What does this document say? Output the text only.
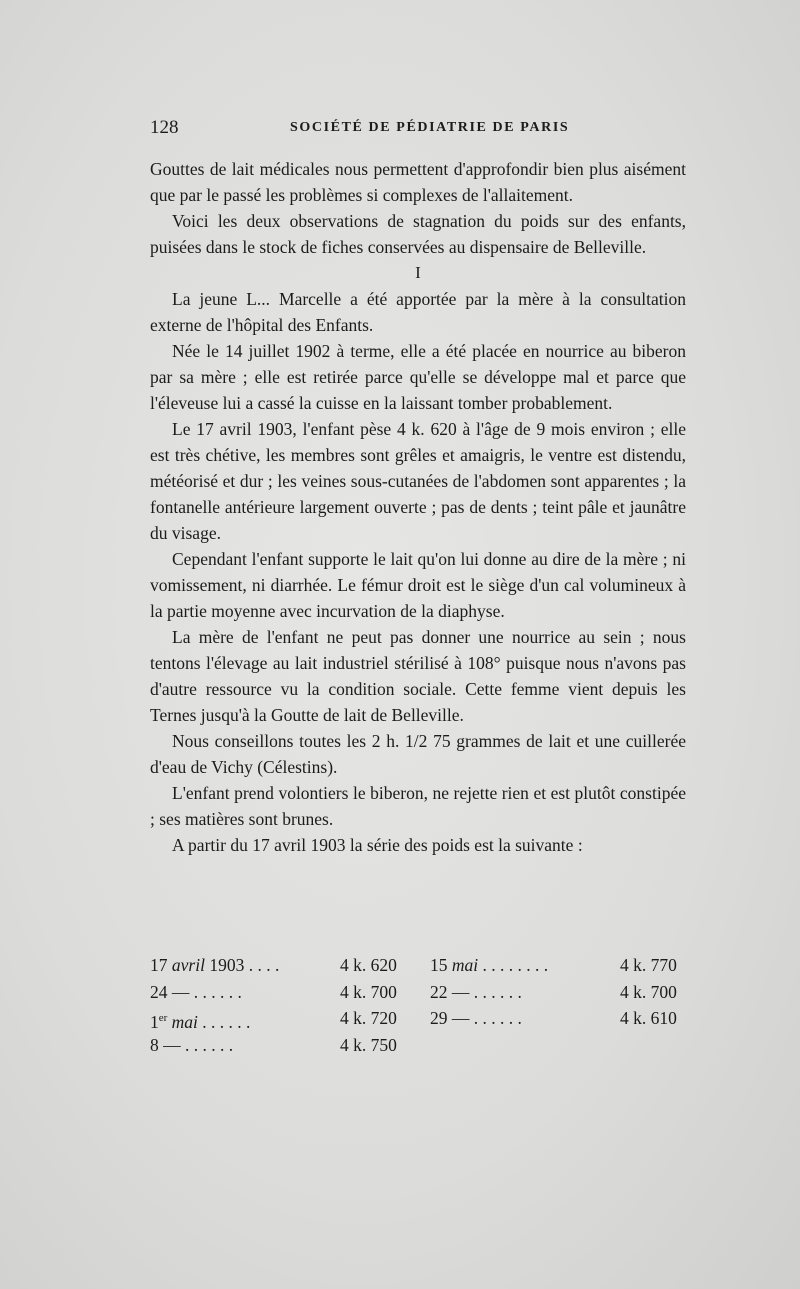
128	SOCIÉTÉ DE PÉDIATRIE DE PARIS

Gouttes de lait médicales nous permettent d'approfondir bien plus aisément que par le passé les problèmes si complexes de l'allaitement.

Voici les deux observations de stagnation du poids sur des enfants, puisées dans le stock de fiches conservées au dispensaire de Belleville.

I

La jeune L... Marcelle a été apportée par la mère à la consultation externe de l'hôpital des Enfants.

Née le 14 juillet 1902 à terme, elle a été placée en nourrice au biberon par sa mère ; elle est retirée parce qu'elle se développe mal et parce que l'éleveuse lui a cassé la cuisse en la laissant tomber probablement.

Le 17 avril 1903, l'enfant pèse 4 k. 620 à l'âge de 9 mois environ ; elle est très chétive, les membres sont grêles et amaigris, le ventre est distendu, météorisé et dur ; les veines sous-cutanées de l'abdomen sont apparentes ; la fontanelle antérieure largement ouverte ; pas de dents ; teint pâle et jaunâtre du visage.

Cependant l'enfant supporte le lait qu'on lui donne au dire de la mère ; ni vomissement, ni diarrhée. Le fémur droit est le siège d'un cal volumineux à la partie moyenne avec incurvation de la diaphyse.

La mère de l'enfant ne peut pas donner une nourrice au sein ; nous tentons l'élevage au lait industriel stérilisé à 108° puisque nous n'avons pas d'autre ressource vu la condition sociale. Cette femme vient depuis les Ternes jusqu'à la Goutte de lait de Belleville.

Nous conseillons toutes les 2 h. 1/2 75 grammes de lait et une cuillerée d'eau de Vichy (Célestins).

L'enfant prend volontiers le biberon, ne rejette rien et est plutôt constipée ; ses matières sont brunes.

A partir du 17 avril 1903 la série des poids est la suivante :

17 avril 1903 . . . .	4 k. 620 15 mai . . . . . . . .	4 k. 770
24 — . . . . . .	4 k. 700 22 — . . . . . .	4 k. 700
1er mai . . . . . .	4 k. 720 29 — . . . . . .	4 k. 610
8 — . . . . . .	4 k. 750
